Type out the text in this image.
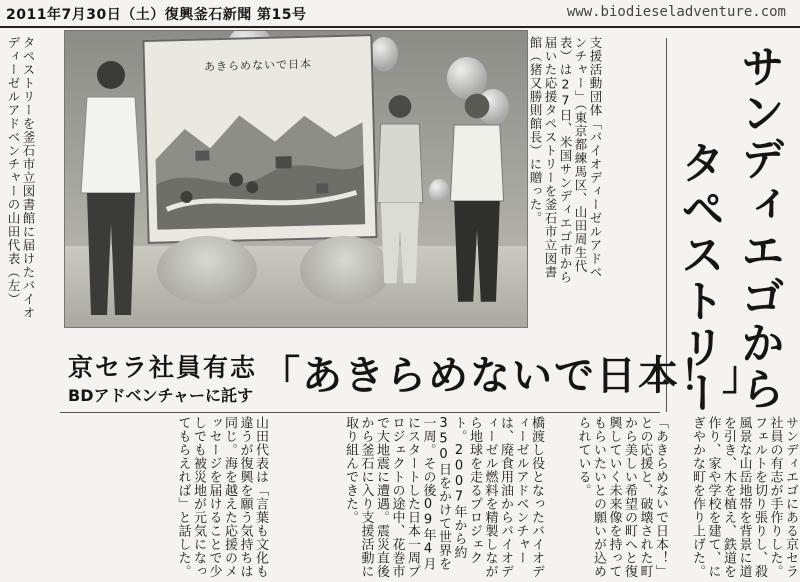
2011年7月30日（土）復興釜石新聞 第15号	www.biodieseladventure.com
タペストリーを釜石市立図書館に届けたバイオディーゼルアドベンチャーの山田代表（左）	あきらめないで日本	支援活動団体「バイオディーゼルアドベンチャー」（東京都練馬区、山田周生代表）は27日、米国サンディエゴ市から届いた応援タペストリーを釜石市立図書館（猪又勝則館長）に贈った。	サンディエゴから
タペストリー
京セラ社員有志
BDアドベンチャーに託す 「あきらめないで日本！」
サンディエゴにある京セラ社員の有志が手作りした。フェルトを切り張りし、殺風景な山岳地帯を背景に道を引き、木を植え、鉄道を作り、家や学校を建て、にぎやかな町を作り上げた。
「あきらめないで日本！」との応援と、破壊された町から美しい希望の町へと復興していく未来像を持ってもらいたいとの願いが込められている。
橋渡し役となったバイオディーゼルアドベンチャーは、廃食用油からバイオディーゼル燃料を精製しながら地球を走るプロジェクト。2007年から約350日をかけて世界を一周。その後09年4月にスタートした日本一周プロジェクトの途中、花巻市で大地震に遭遇。震災直後から釜石に入り支援活動に取り組んできた。
山田代表は「言葉も文化も違うが復興を願う気持ちは同じ。海を越えた応援のメッセージを届けることで少しでも被災地が元気になってもらえれば」と話した。
